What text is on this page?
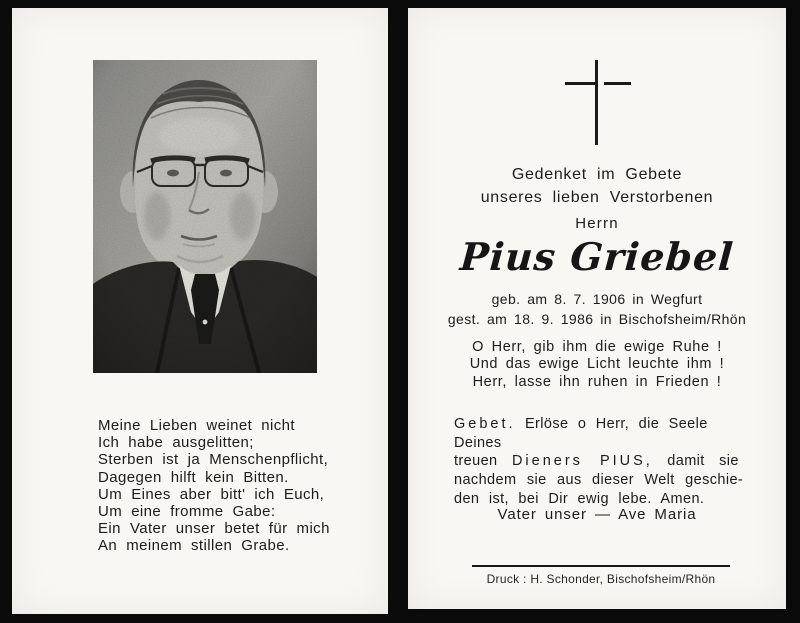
Meine Lieben weinet nicht
Ich habe ausgelitten;
Sterben ist ja Menschenpflicht,
Dagegen hilft kein Bitten.
Um Eines aber bitt' ich Euch,
Um eine fromme Gabe:
Ein Vater unser betet für mich
An meinem stillen Grabe.
Gedenket im Gebete
unseres lieben Verstorbenen
Herrn
Pius Griebel
geb. am 8. 7. 1906 in Wegfurt
gest. am 18. 9. 1986 in Bischofsheim/Rhön
O Herr, gib ihm die ewige Ruhe !
Und das ewige Licht leuchte ihm !
Herr, lasse ihn ruhen in Frieden !
Gebet. Erlöse o Herr, die Seele Deines
treuen Dieners PIUS, damit sie
nachdem sie aus dieser Welt geschie-
den ist, bei Dir ewig lebe. Amen.
Vater unser — Ave Maria
Druck : H. Schonder, Bischofsheim/Rhön
